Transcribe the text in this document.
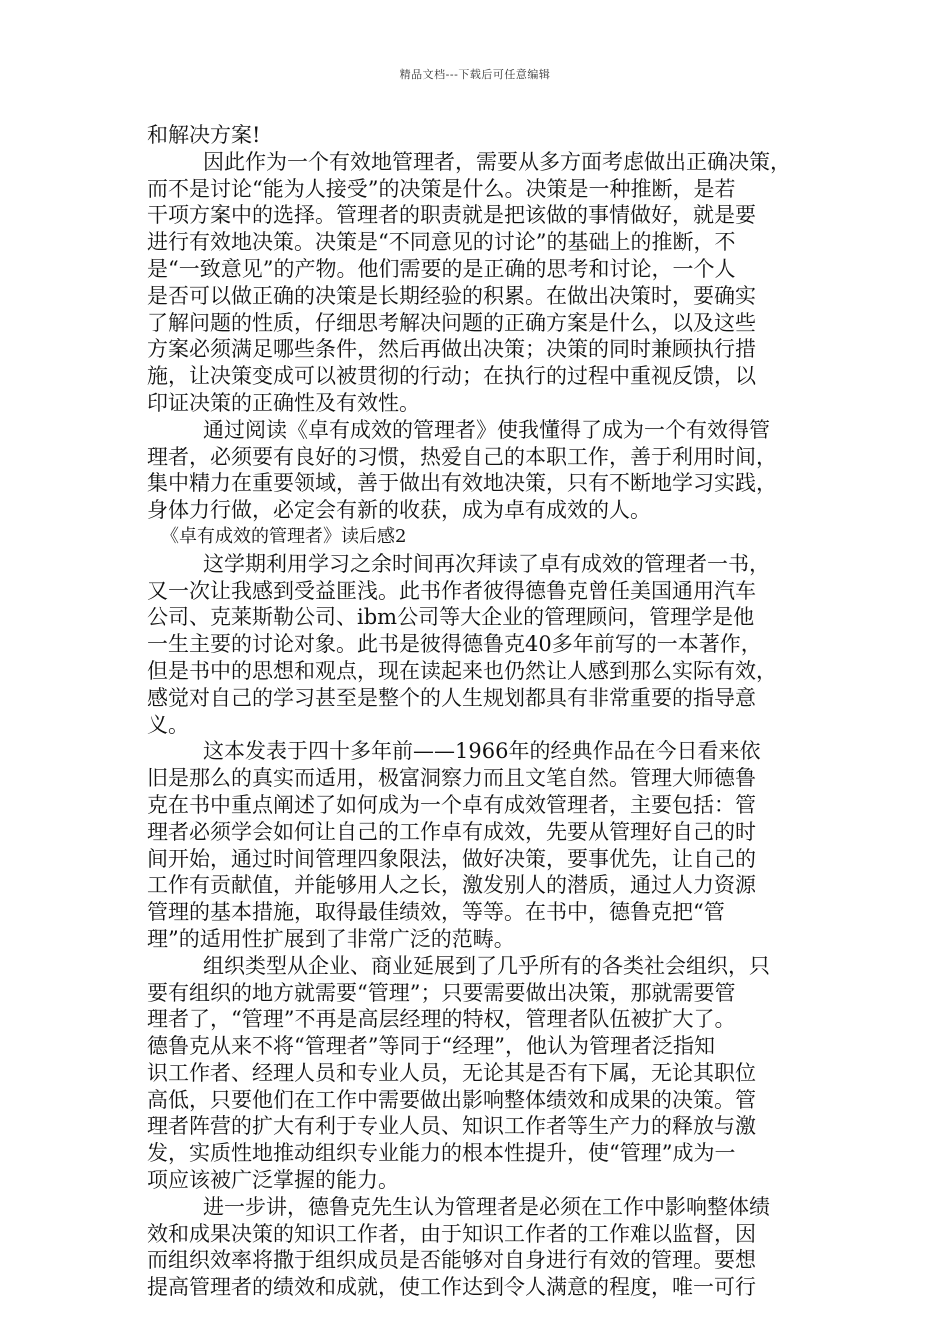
精品文档---下载后可任意编辑
和解决方案!
因此作为一个有效地管理者，需要从多方面考虑做出正确决策，
而不是讨论“能为人接受”的决策是什么。决策是一种推断，是若
干项方案中的选择。管理者的职责就是把该做的事情做好，就是要
进行有效地决策。决策是“不同意见的讨论”的基础上的推断，不
是“一致意见”的产物。他们需要的是正确的思考和讨论，一个人
是否可以做正确的决策是长期经验的积累。在做出决策时，要确实
了解问题的性质，仔细思考解决问题的正确方案是什么，以及这些
方案必须满足哪些条件，然后再做出决策；决策的同时兼顾执行措
施，让决策变成可以被贯彻的行动；在执行的过程中重视反馈，以
印证决策的正确性及有效性。
通过阅读《卓有成效的管理者》使我懂得了成为一个有效得管
理者，必须要有良好的习惯，热爱自己的本职工作，善于利用时间，
集中精力在重要领域，善于做出有效地决策，只有不断地学习实践，
身体力行做，必定会有新的收获，成为卓有成效的人。
《卓有成效的管理者》读后感2
这学期利用学习之余时间再次拜读了卓有成效的管理者一书，
又一次让我感到受益匪浅。此书作者彼得德鲁克曾任美国通用汽车
公司、克莱斯勒公司、ibm公司等大企业的管理顾问，管理学是他
一生主要的讨论对象。此书是彼得德鲁克40多年前写的一本著作，
但是书中的思想和观点，现在读起来也仍然让人感到那么实际有效，
感觉对自己的学习甚至是整个的人生规划都具有非常重要的指导意
义。
这本发表于四十多年前——1966年的经典作品在今日看来依
旧是那么的真实而适用，极富洞察力而且文笔自然。管理大师德鲁
克在书中重点阐述了如何成为一个卓有成效管理者，主要包括：管
理者必须学会如何让自己的工作卓有成效，先要从管理好自己的时
间开始，通过时间管理四象限法，做好决策，要事优先，让自己的
工作有贡献值，并能够用人之长，激发别人的潜质，通过人力资源
管理的基本措施，取得最佳绩效，等等。在书中，德鲁克把“管
理”的适用性扩展到了非常广泛的范畴。
组织类型从企业、商业延展到了几乎所有的各类社会组织，只
要有组织的地方就需要“管理”；只要需要做出决策，那就需要管
理者了，“管理”不再是高层经理的特权，管理者队伍被扩大了。
德鲁克从来不将“管理者”等同于“经理”，他认为管理者泛指知
识工作者、经理人员和专业人员，无论其是否有下属，无论其职位
高低，只要他们在工作中需要做出影响整体绩效和成果的决策。管
理者阵营的扩大有利于专业人员、知识工作者等生产力的释放与激
发，实质性地推动组织专业能力的根本性提升，使“管理”成为一
项应该被广泛掌握的能力。
进一步讲，德鲁克先生认为管理者是必须在工作中影响整体绩
效和成果决策的知识工作者，由于知识工作者的工作难以监督，因
而组织效率将撒于组织成员是否能够对自身进行有效的管理。要想
提高管理者的绩效和成就，使工作达到令人满意的程度，唯一可行
